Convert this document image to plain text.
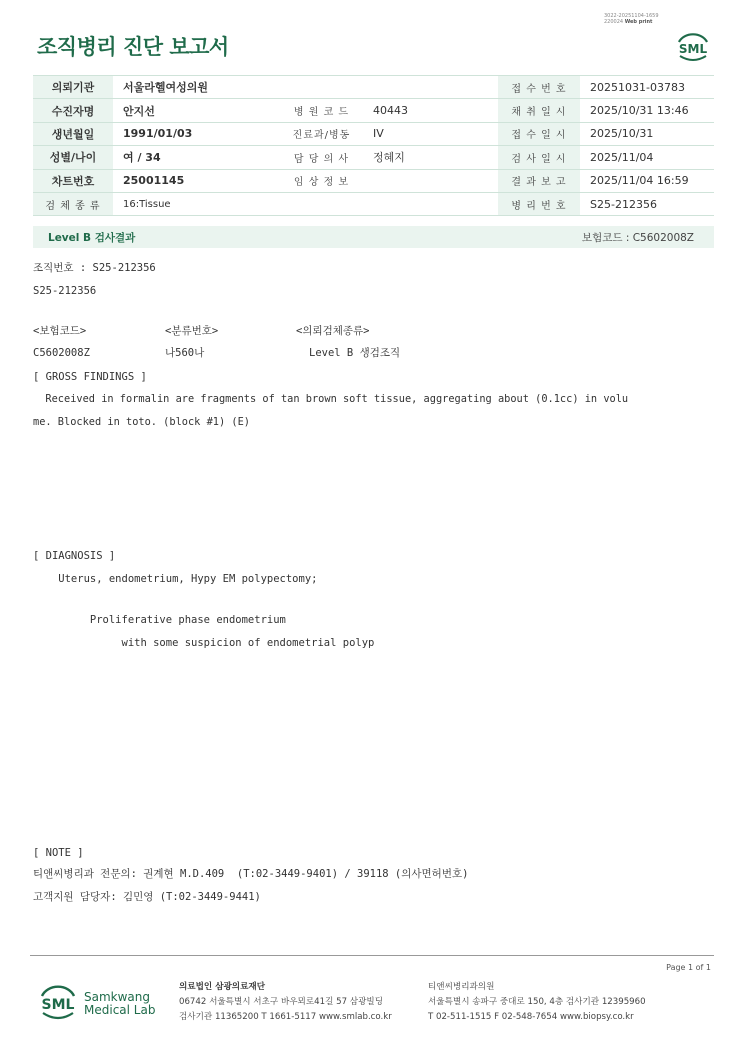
3022-20251104-1659
220024 Web print
조직병리 진단 보고서	SML
의뢰기관	서울라헬여성의원			접 수 번 호	20251031-03783
수진자명	안지선	병 원 코 드	40443	채 취 일 시	2025/10/31 13:46
생년월일	1991/01/03	진료과/병동	IV	접 수 일 시	2025/10/31
성별/나이	여 / 34	담 당 의 사	정혜지	검 사 일 시	2025/11/04
차트번호	25001145	임 상 정 보		결 과 보 고	2025/11/04 16:59
검 체 종 류	16:Tissue			병 리 번 호	S25-212356
Level B 검사결과	보험코드 : C5602008Z
조직번호 : S25-212356
S25-212356
<보험코드>	<분류번호>	<의뢰검체종류>
C5602008Z	나560나	Level B 생검조직
[ GROSS FINDINGS ]
Received in formalin are fragments of tan brown soft tissue, aggregating about (0.1cc) in volu
me. Blocked in toto. (block #1) (E)
[ DIAGNOSIS ]
Uterus, endometrium, Hypy EM polypectomy;
Proliferative phase endometrium
with some suspicion of endometrial polyp
[ NOTE ]
티앤씨병리과 전문의: 권계현 M.D.409  (T:02-3449-9401) / 39118 (의사면허번호)
고객지원 담당자: 김민영 (T:02-3449-9441)
Page 1 of 1
SML Samkwang
Medical Lab
의료법인 삼광의료재단
06742 서울특별시 서초구 바우뫼로41길 57 삼광빌딩
검사기관 11365200 T 1661-5117 www.smlab.co.kr
티앤씨병리과의원
서울특별시 송파구 중대로 150, 4층 검사기관 12395960
T 02-511-1515 F 02-548-7654 www.biopsy.co.kr
